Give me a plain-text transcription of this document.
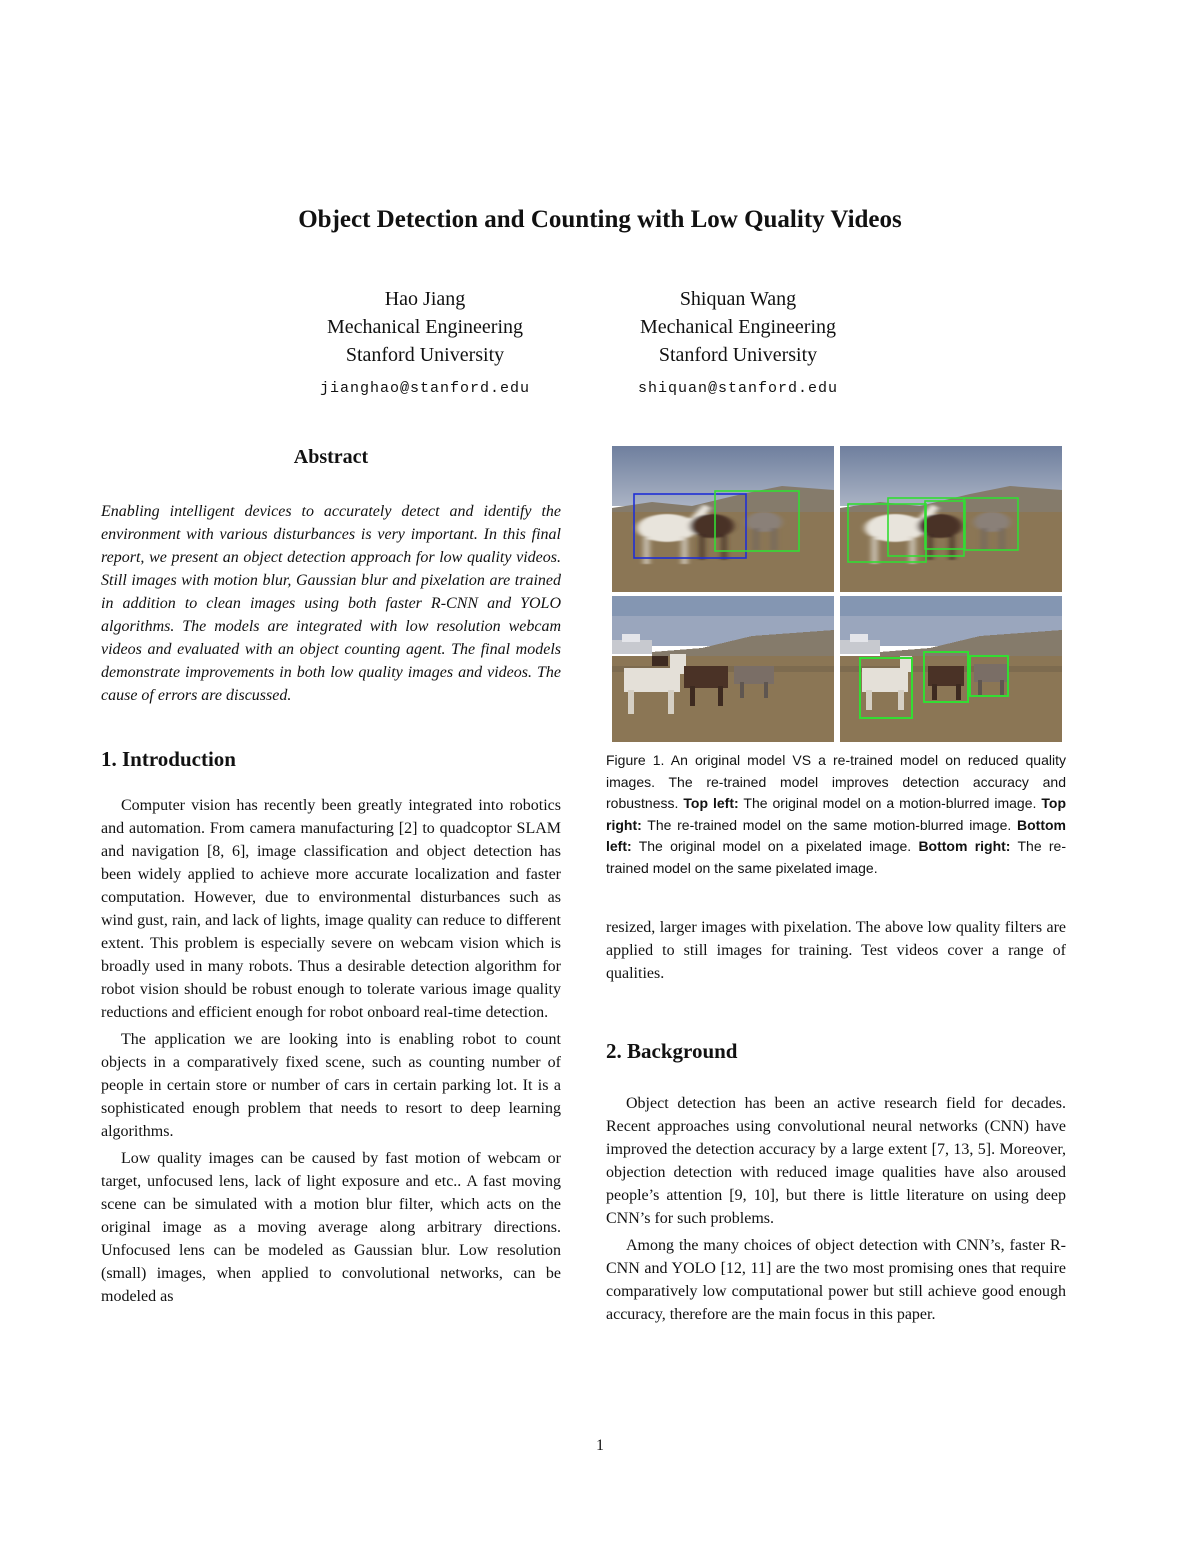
Object Detection and Counting with Low Quality Videos
Hao Jiang
Mechanical Engineering
Stanford University
jianghao@stanford.edu
Shiquan Wang
Mechanical Engineering
Stanford University
shiquan@stanford.edu
Abstract

Enabling intelligent devices to accurately detect and identify the environment with various disturbances is very important. In this final report, we present an object detection approach for low quality videos. Still images with motion blur, Gaussian blur and pixelation are trained in addition to clean images using both faster R-CNN and YOLO algorithms. The models are integrated with low resolution webcam videos and evaluated with an object counting agent. The final models demonstrate improvements in both low quality images and videos. The cause of errors are discussed.

1. Introduction

Computer vision has recently been greatly integrated into robotics and automation. From camera manufacturing [2] to quadcoptor SLAM and navigation [8, 6], image classification and object detection has been widely applied to achieve more accurate localization and faster computation. However, due to environmental disturbances such as wind gust, rain, and lack of lights, image quality can reduce to different extent. This problem is especially severe on webcam vision which is broadly used in many robots. Thus a desirable detection algorithm for robot vision should be robust enough to tolerate various image quality reductions and efficient enough for robot onboard real-time detection.

The application we are looking into is enabling robot to count objects in a comparatively fixed scene, such as counting number of people in certain store or number of cars in certain parking lot. It is a sophisticated enough problem that needs to resort to deep learning algorithms.

Low quality images can be caused by fast motion of webcam or target, unfocused lens, lack of light exposure and etc.. A fast moving scene can be simulated with a motion blur filter, which acts on the original image as a moving average along arbitrary directions. Unfocused lens can be modeled as Gaussian blur. Low resolution (small) images, when applied to convolutional networks, can be modeled as

Figure 1. An original model VS a re-trained model on reduced quality images. The re-trained model improves detection accuracy and robustness. Top left: The original model on a motion-blurred image. Top right: The re-trained model on the same motion-blurred image. Bottom left: The original model on a pixelated image. Bottom right: The re-trained model on the same pixelated image.

resized, larger images with pixelation. The above low quality filters are applied to still images for training. Test videos cover a range of qualities.

2. Background

Object detection has been an active research field for decades. Recent approaches using convolutional neural networks (CNN) have improved the detection accuracy by a large extent [7, 13, 5]. Moreover, objection detection with reduced image qualities have also aroused people’s attention [9, 10], but there is little literature on using deep CNN’s for such problems.

Among the many choices of object detection with CNN’s, faster R-CNN and YOLO [12, 11] are the two most promising ones that require comparatively low computational power but still achieve good enough accuracy, therefore are the main focus in this paper.

1
